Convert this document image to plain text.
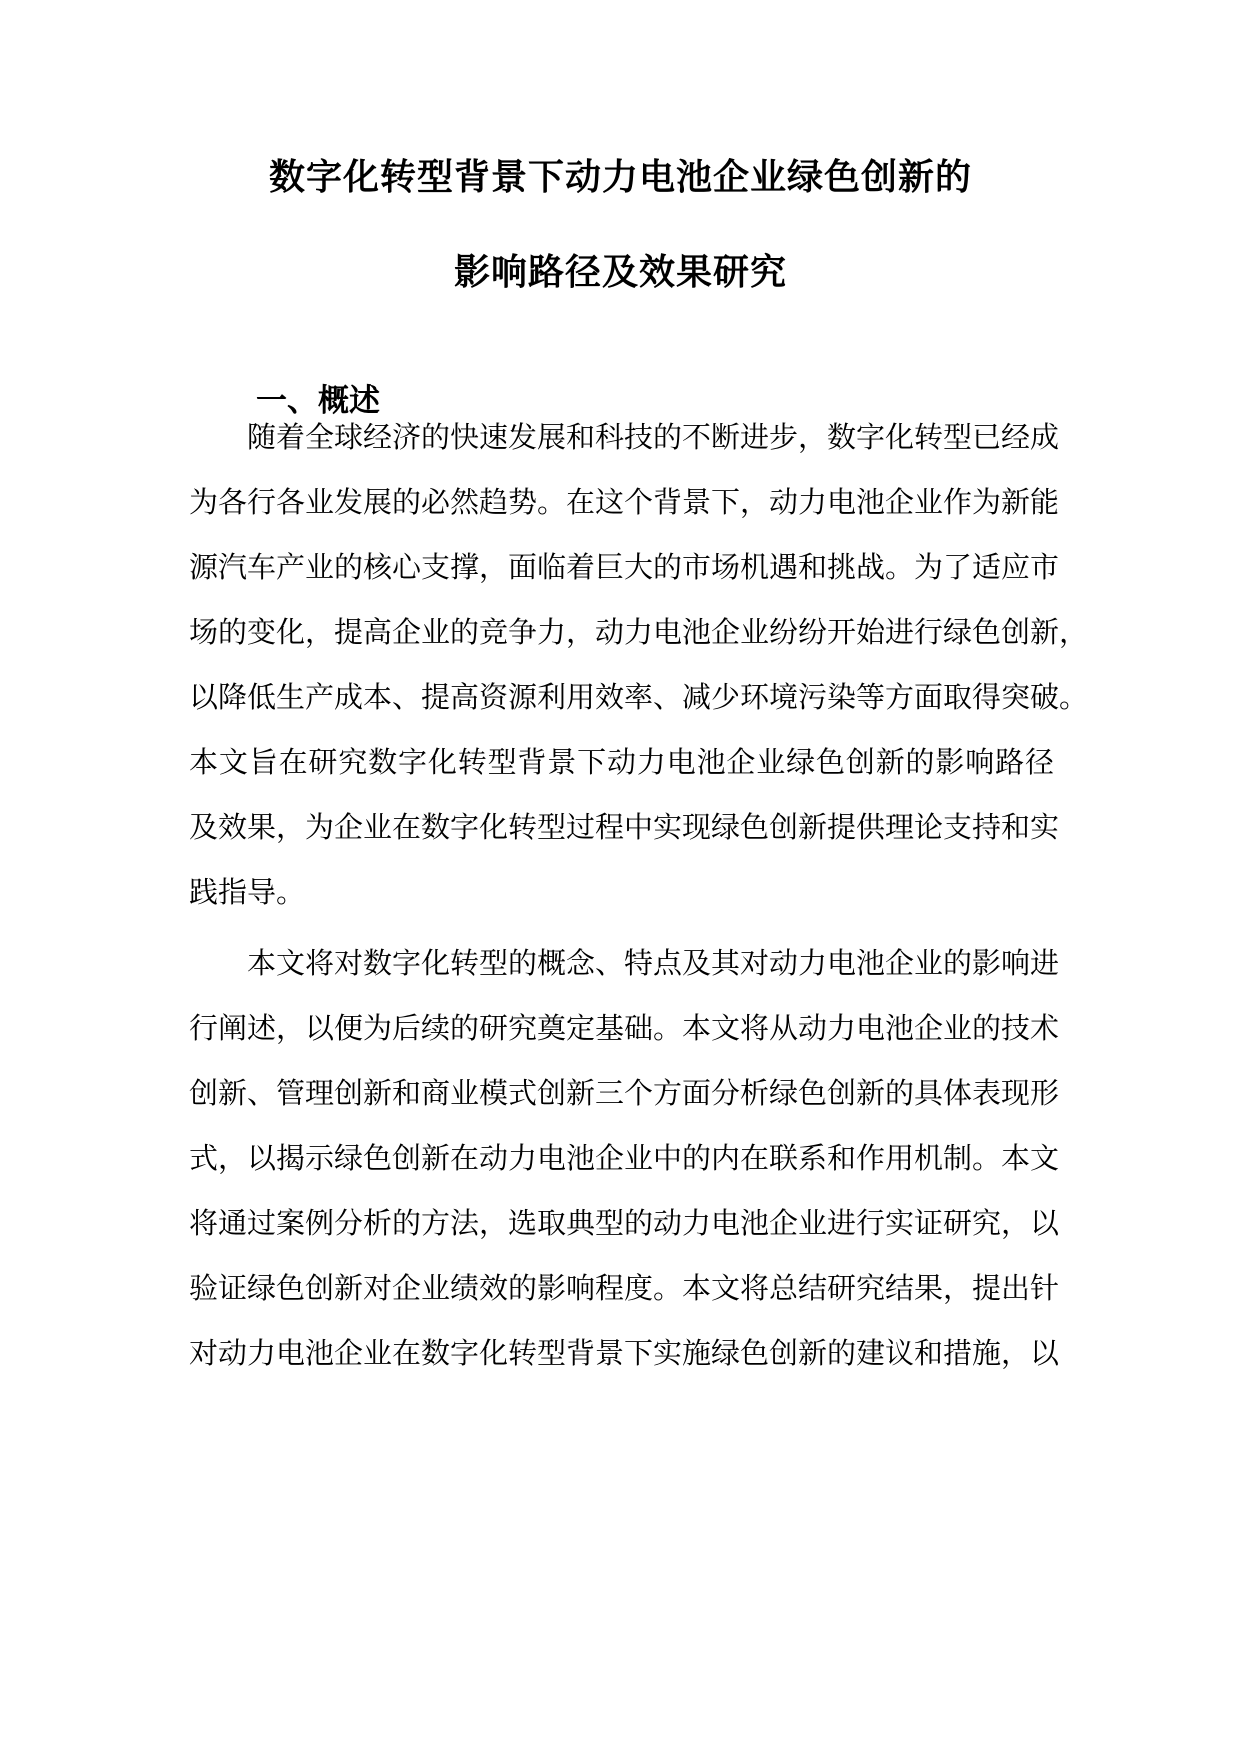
数字化转型背景下动力电池企业绿色创新的
影响路径及效果研究
一、概述
随着全球经济的快速发展和科技的不断进步，数字化转型已经成
为各行各业发展的必然趋势。在这个背景下，动力电池企业作为新能
源汽车产业的核心支撑，面临着巨大的市场机遇和挑战。为了适应市
场的变化，提高企业的竞争力，动力电池企业纷纷开始进行绿色创新，
以降低生产成本、提高资源利用效率、减少环境污染等方面取得突破。
本文旨在研究数字化转型背景下动力电池企业绿色创新的影响路径
及效果，为企业在数字化转型过程中实现绿色创新提供理论支持和实
践指导。
本文将对数字化转型的概念、特点及其对动力电池企业的影响进
行阐述，以便为后续的研究奠定基础。本文将从动力电池企业的技术
创新、管理创新和商业模式创新三个方面分析绿色创新的具体表现形
式，以揭示绿色创新在动力电池企业中的内在联系和作用机制。本文
将通过案例分析的方法，选取典型的动力电池企业进行实证研究，以
验证绿色创新对企业绩效的影响程度。本文将总结研究结果，提出针
对动力电池企业在数字化转型背景下实施绿色创新的建议和措施，以
